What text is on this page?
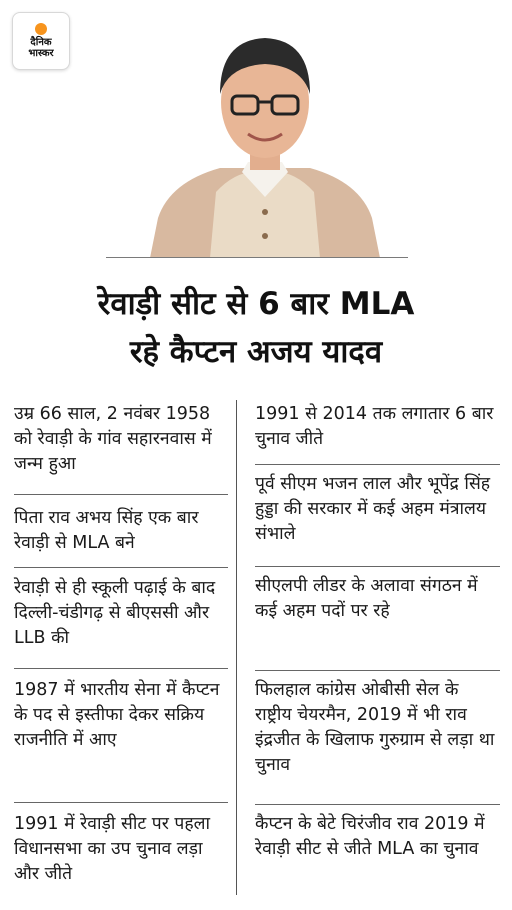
दैनिक
भास्कर
रेवाड़ी सीट से 6 बार MLA
रहे कैप्टन अजय यादव
उम्र 66 साल, 2 नवंबर 1958 को रेवाड़ी के गांव सहारनवास में जन्म हुआ
पिता राव अभय सिंह एक बार रेवाड़ी से MLA बने
रेवाड़ी से ही स्कूली पढ़ाई के बाद दिल्ली-चंडीगढ़ से बीएससी और LLB की
1987 में भारतीय सेना में कैप्टन के पद से इस्तीफा देकर सक्रिय राजनीति में आए
1991 में रेवाड़ी सीट पर पहला विधानसभा का उप चुनाव लड़ा और जीते
1991 से 2014 तक लगातार 6 बार चुनाव जीते
पूर्व सीएम भजन लाल और भूपेंद्र सिंह हुड्डा की सरकार में कई अहम मंत्रालय संभाले
सीएलपी लीडर के अलावा संगठन में कई अहम पदों पर रहे
फिलहाल कांग्रेस ओबीसी सेल के राष्ट्रीय चेयरमैन, 2019 में भी राव इंद्रजीत के खिलाफ गुरुग्राम से लड़ा था चुनाव
कैप्टन के बेटे चिरंजीव राव 2019 में रेवाड़ी सीट से जीते MLA का चुनाव
